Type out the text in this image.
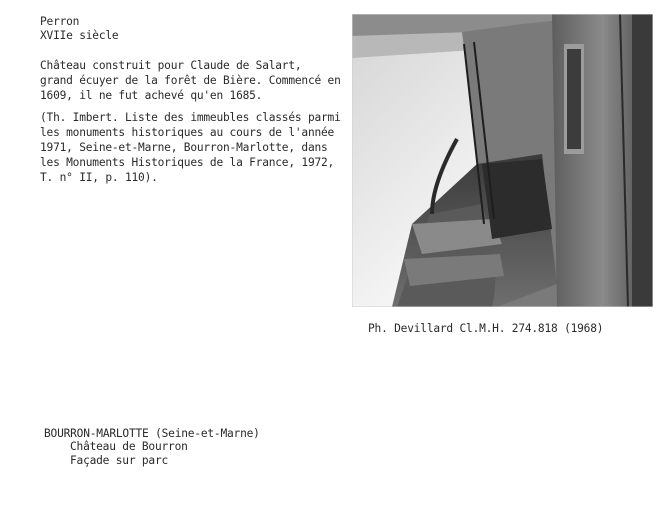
Perron
XVIIe siècle
Château construit pour Claude de Salart,
grand écuyer de la forêt de Bière. Commencé en
1609, il ne fut achevé qu'en 1685.
(Th. Imbert. Liste des immeubles classés parmi
les monuments historiques au cours de l'année
1971, Seine-et-Marne, Bourron-Marlotte, dans
les Monuments Historiques de la France, 1972,
T. n° II, p. 110).
Ph. Devillard Cl.M.H. 274.818 (1968)
BOURRON-MARLOTTE (Seine-et-Marne)
Château de Bourron
Façade sur parc
